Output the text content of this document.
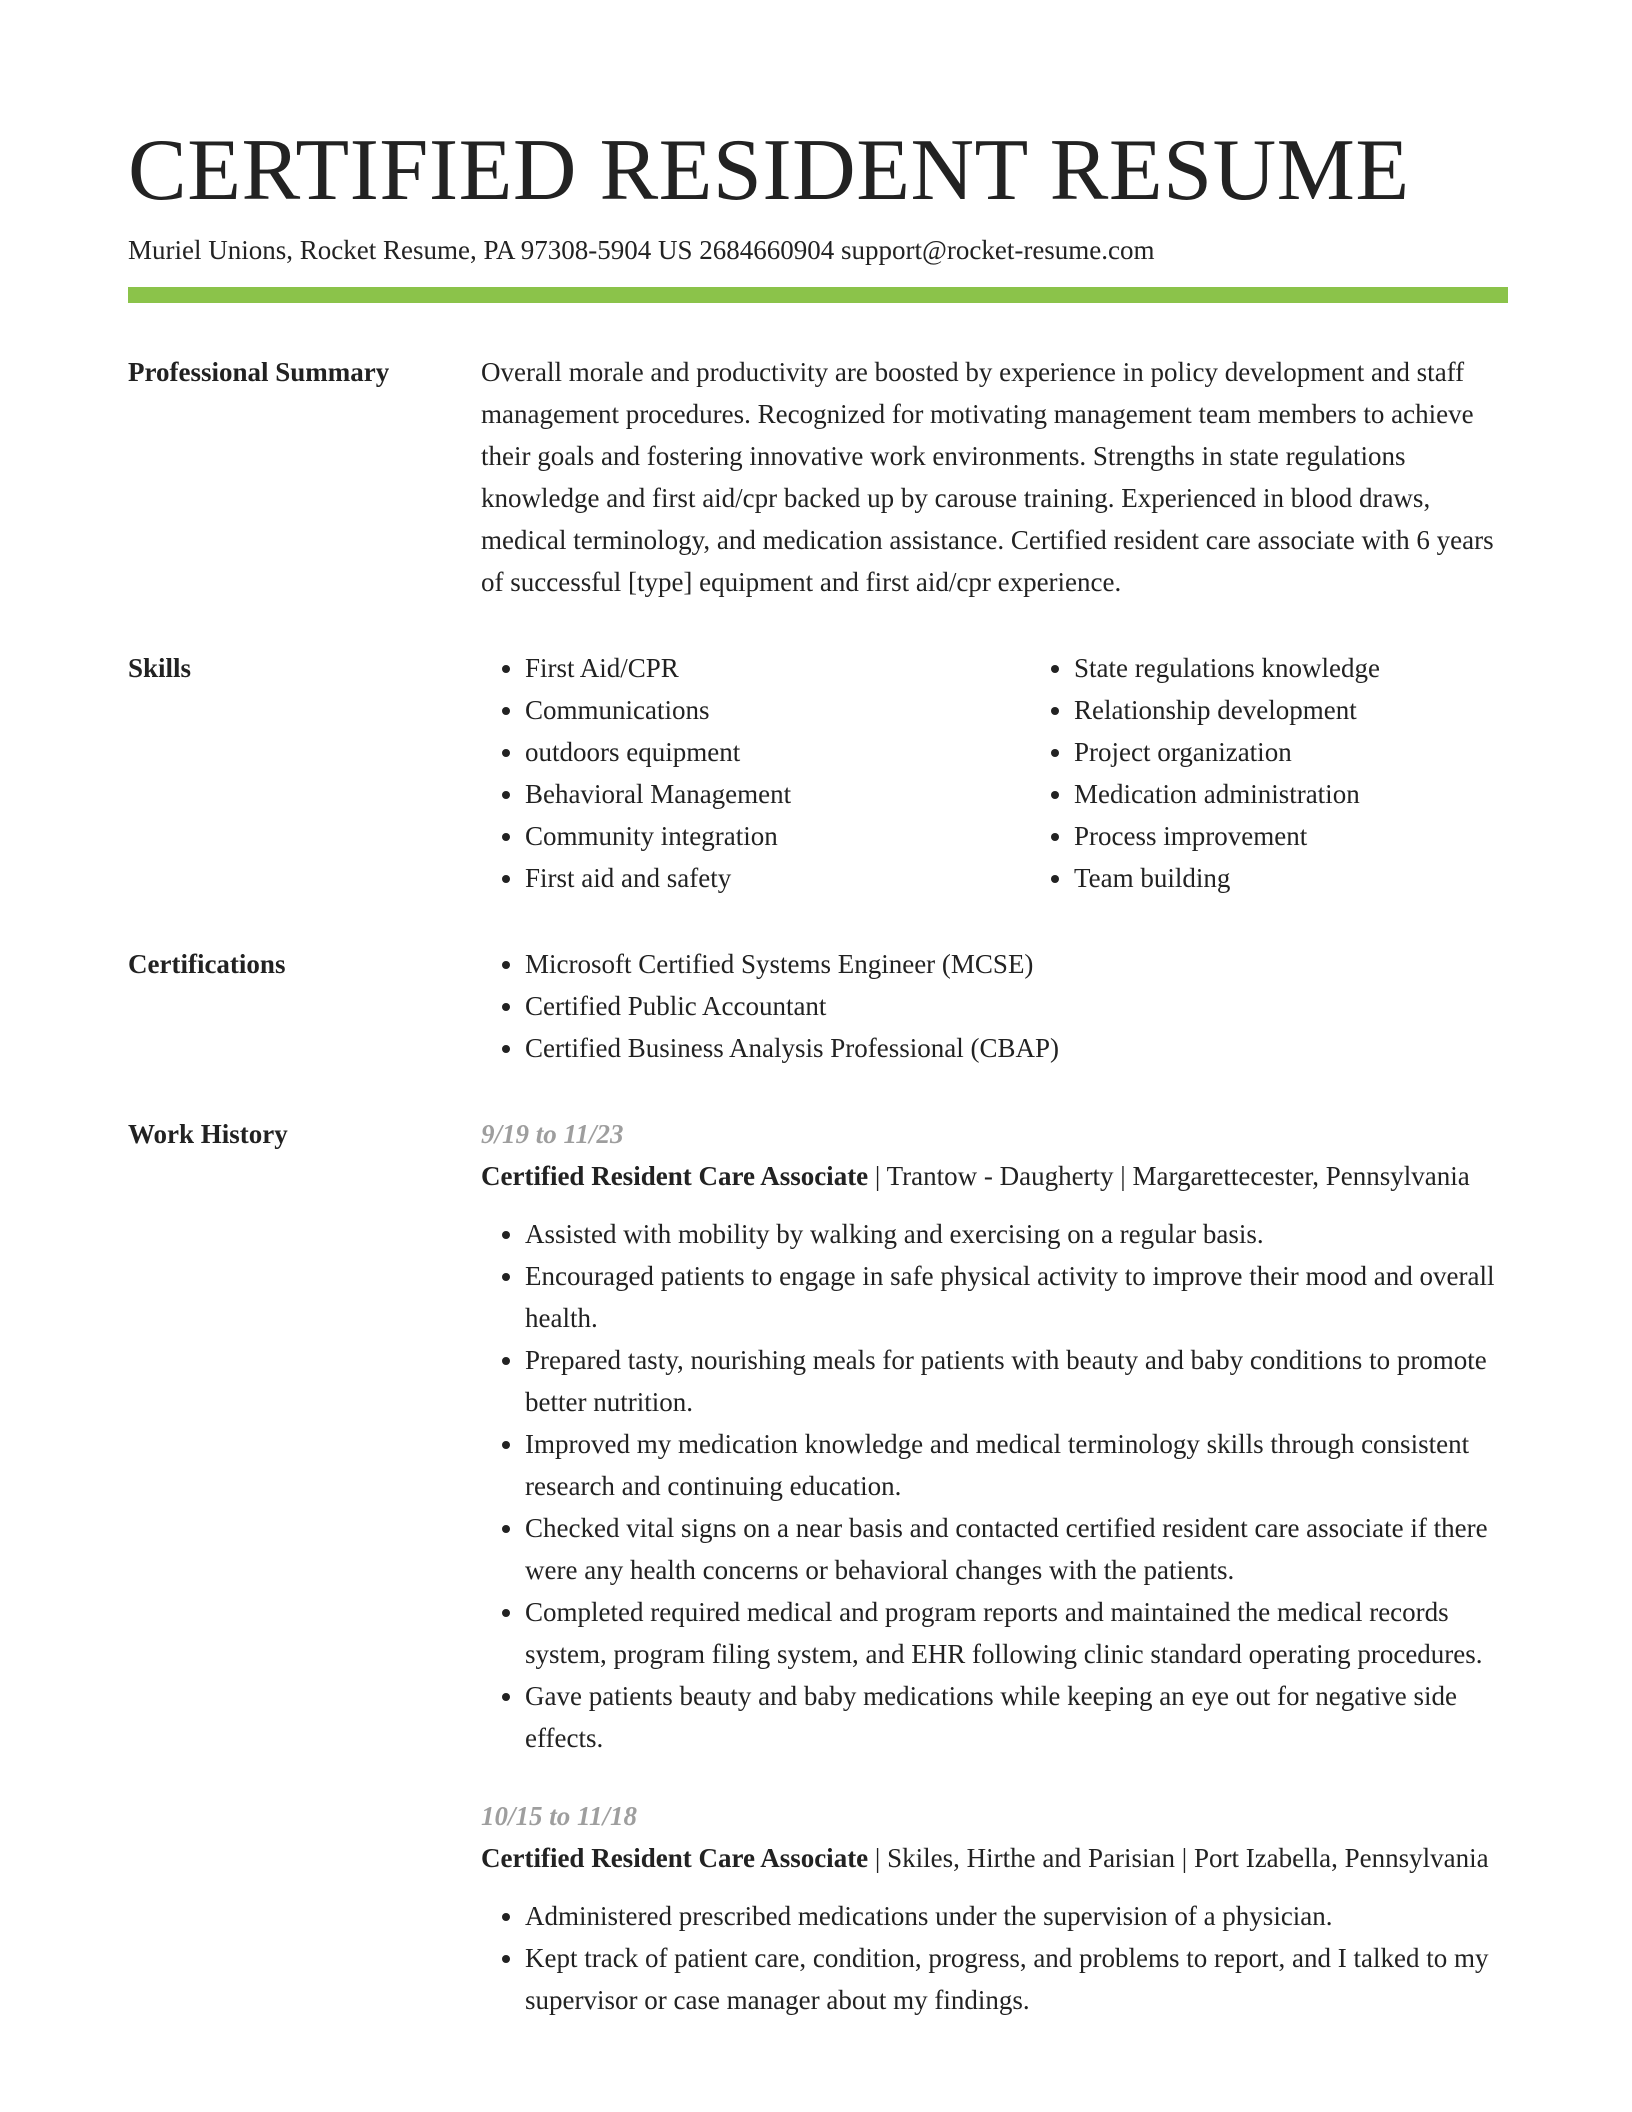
CERTIFIED RESIDENT RESUME
Muriel Unions, Rocket Resume, PA 97308-5904 US 2684660904 support@rocket-resume.com
Professional Summary	Overall morale and productivity are boosted by experience in policy development and staff management procedures. Recognized for motivating management team members to achieve their goals and fostering innovative work environments. Strengths in state regulations knowledge and first aid/cpr backed up by carouse training. Experienced in blood draws, medical terminology, and medication assistance. Certified resident care associate with 6 years of successful [type] equipment and first aid/cpr experience.

Skills	• First Aid/CPR
• Communications
• outdoors equipment
• Behavioral Management
• Community integration
• First aid and safety
• State regulations knowledge
• Relationship development
• Project organization
• Medication administration
• Process improvement
• Team building
Certifications	• Microsoft Certified Systems Engineer (MCSE)
• Certified Public Accountant
• Certified Business Analysis Professional (CBAP)
Work History	9/19 to 11/23
Certified Resident Care Associate | Trantow - Daugherty | Margarettecester, Pennsylvania
• Assisted with mobility by walking and exercising on a regular basis.
• Encouraged patients to engage in safe physical activity to improve their mood and overall health.
• Prepared tasty, nourishing meals for patients with beauty and baby conditions to promote better nutrition.
• Improved my medication knowledge and medical terminology skills through consistent research and continuing education.
• Checked vital signs on a near basis and contacted certified resident care associate if there were any health concerns or behavioral changes with the patients.
• Completed required medical and program reports and maintained the medical records system, program filing system, and EHR following clinic standard operating procedures.
• Gave patients beauty and baby medications while keeping an eye out for negative side effects.
10/15 to 11/18
Certified Resident Care Associate | Skiles, Hirthe and Parisian | Port Izabella, Pennsylvania
• Administered prescribed medications under the supervision of a physician.
• Kept track of patient care, condition, progress, and problems to report, and I talked to my supervisor or case manager about my findings.
